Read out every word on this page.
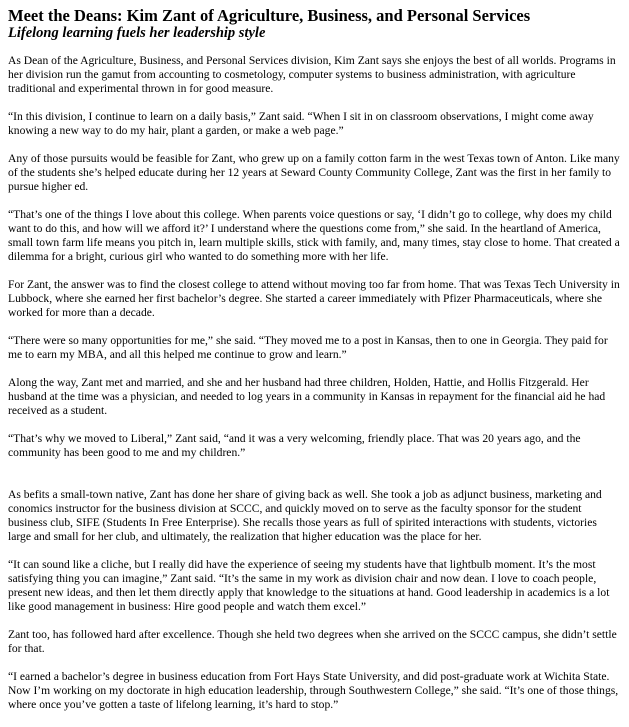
Meet the Deans: Kim Zant of Agriculture, Business, and Personal Services
Lifelong learning fuels her leadership style

As Dean of the Agriculture, Business, and Personal Services division, Kim Zant says she enjoys the best of all worlds. Programs in her division run the gamut from accounting to cosmetology, computer systems to business administration, with agriculture traditional and experimental thrown in for good measure.

“In this division, I continue to learn on a daily basis,” Zant said. “When I sit in on classroom observations, I might come away knowing a new way to do my hair, plant a garden, or make a web page.”

Any of those pursuits would be feasible for Zant, who grew up on a family cotton farm in the west Texas town of Anton. Like many of the students she’s helped educate during her 12 years at Seward County Community College, Zant was the first in her family to pursue higher ed.

“That’s one of the things I love about this college. When parents voice questions or say, ‘I didn’t go to college, why does my child want to do this, and how will we afford it?’ I understand where the questions come from,” she said. In the heartland of America, small town farm life means you pitch in, learn multiple skills, stick with family, and, many times, stay close to home. That created a dilemma for a bright, curious girl who wanted to do something more with her life.

For Zant, the answer was to find the closest college to attend without moving too far from home. That was Texas Tech University in Lubbock, where she earned her first bachelor’s degree. She started a career immediately with Pfizer Pharmaceuticals, where she worked for more than a decade.

“There were so many opportunities for me,” she said. “They moved me to a post in Kansas, then to one in Georgia. They paid for me to earn my MBA, and all this helped me continue to grow and learn.”

Along the way, Zant met and married, and she and her husband had three children, Holden, Hattie, and Hollis Fitzgerald. Her husband at the time was a physician, and needed to log years in a community in Kansas in repayment for the financial aid he had received as a student.

“That’s why we moved to Liberal,” Zant said, “and it was a very welcoming, friendly place. That was 20 years ago, and the community has been good to me and my children.”

As befits a small-town native, Zant has done her share of giving back as well. She took a job as adjunct business, marketing and conomics instructor for the business division at SCCC, and quickly moved on to serve as the faculty sponsor for the student business club, SIFE (Students In Free Enterprise). She recalls those years as full of spirited interactions with students, victories large and small for her club, and ultimately, the realization that higher education was the place for her.

“It can sound like a cliche, but I really did have the experience of seeing my students have that lightbulb moment. It’s the most satisfying thing you can imagine,” Zant said. “It’s the same in my work as division chair and now dean. I love to coach people, present new ideas, and then let them directly apply that knowledge to the situations at hand. Good leadership in academics is a lot like good management in business: Hire good people and watch them excel.”

Zant too, has followed hard after excellence. Though she held two degrees when she arrived on the SCCC campus, she didn’t settle for that.

“I earned a bachelor’s degree in business education from Fort Hays State University, and did post-graduate work at Wichita State. Now I’m working on my doctorate in high education leadership, through Southwestern College,” she said. “It’s one of those things, where once you’ve gotten a taste of lifelong learning, it’s hard to stop.”
